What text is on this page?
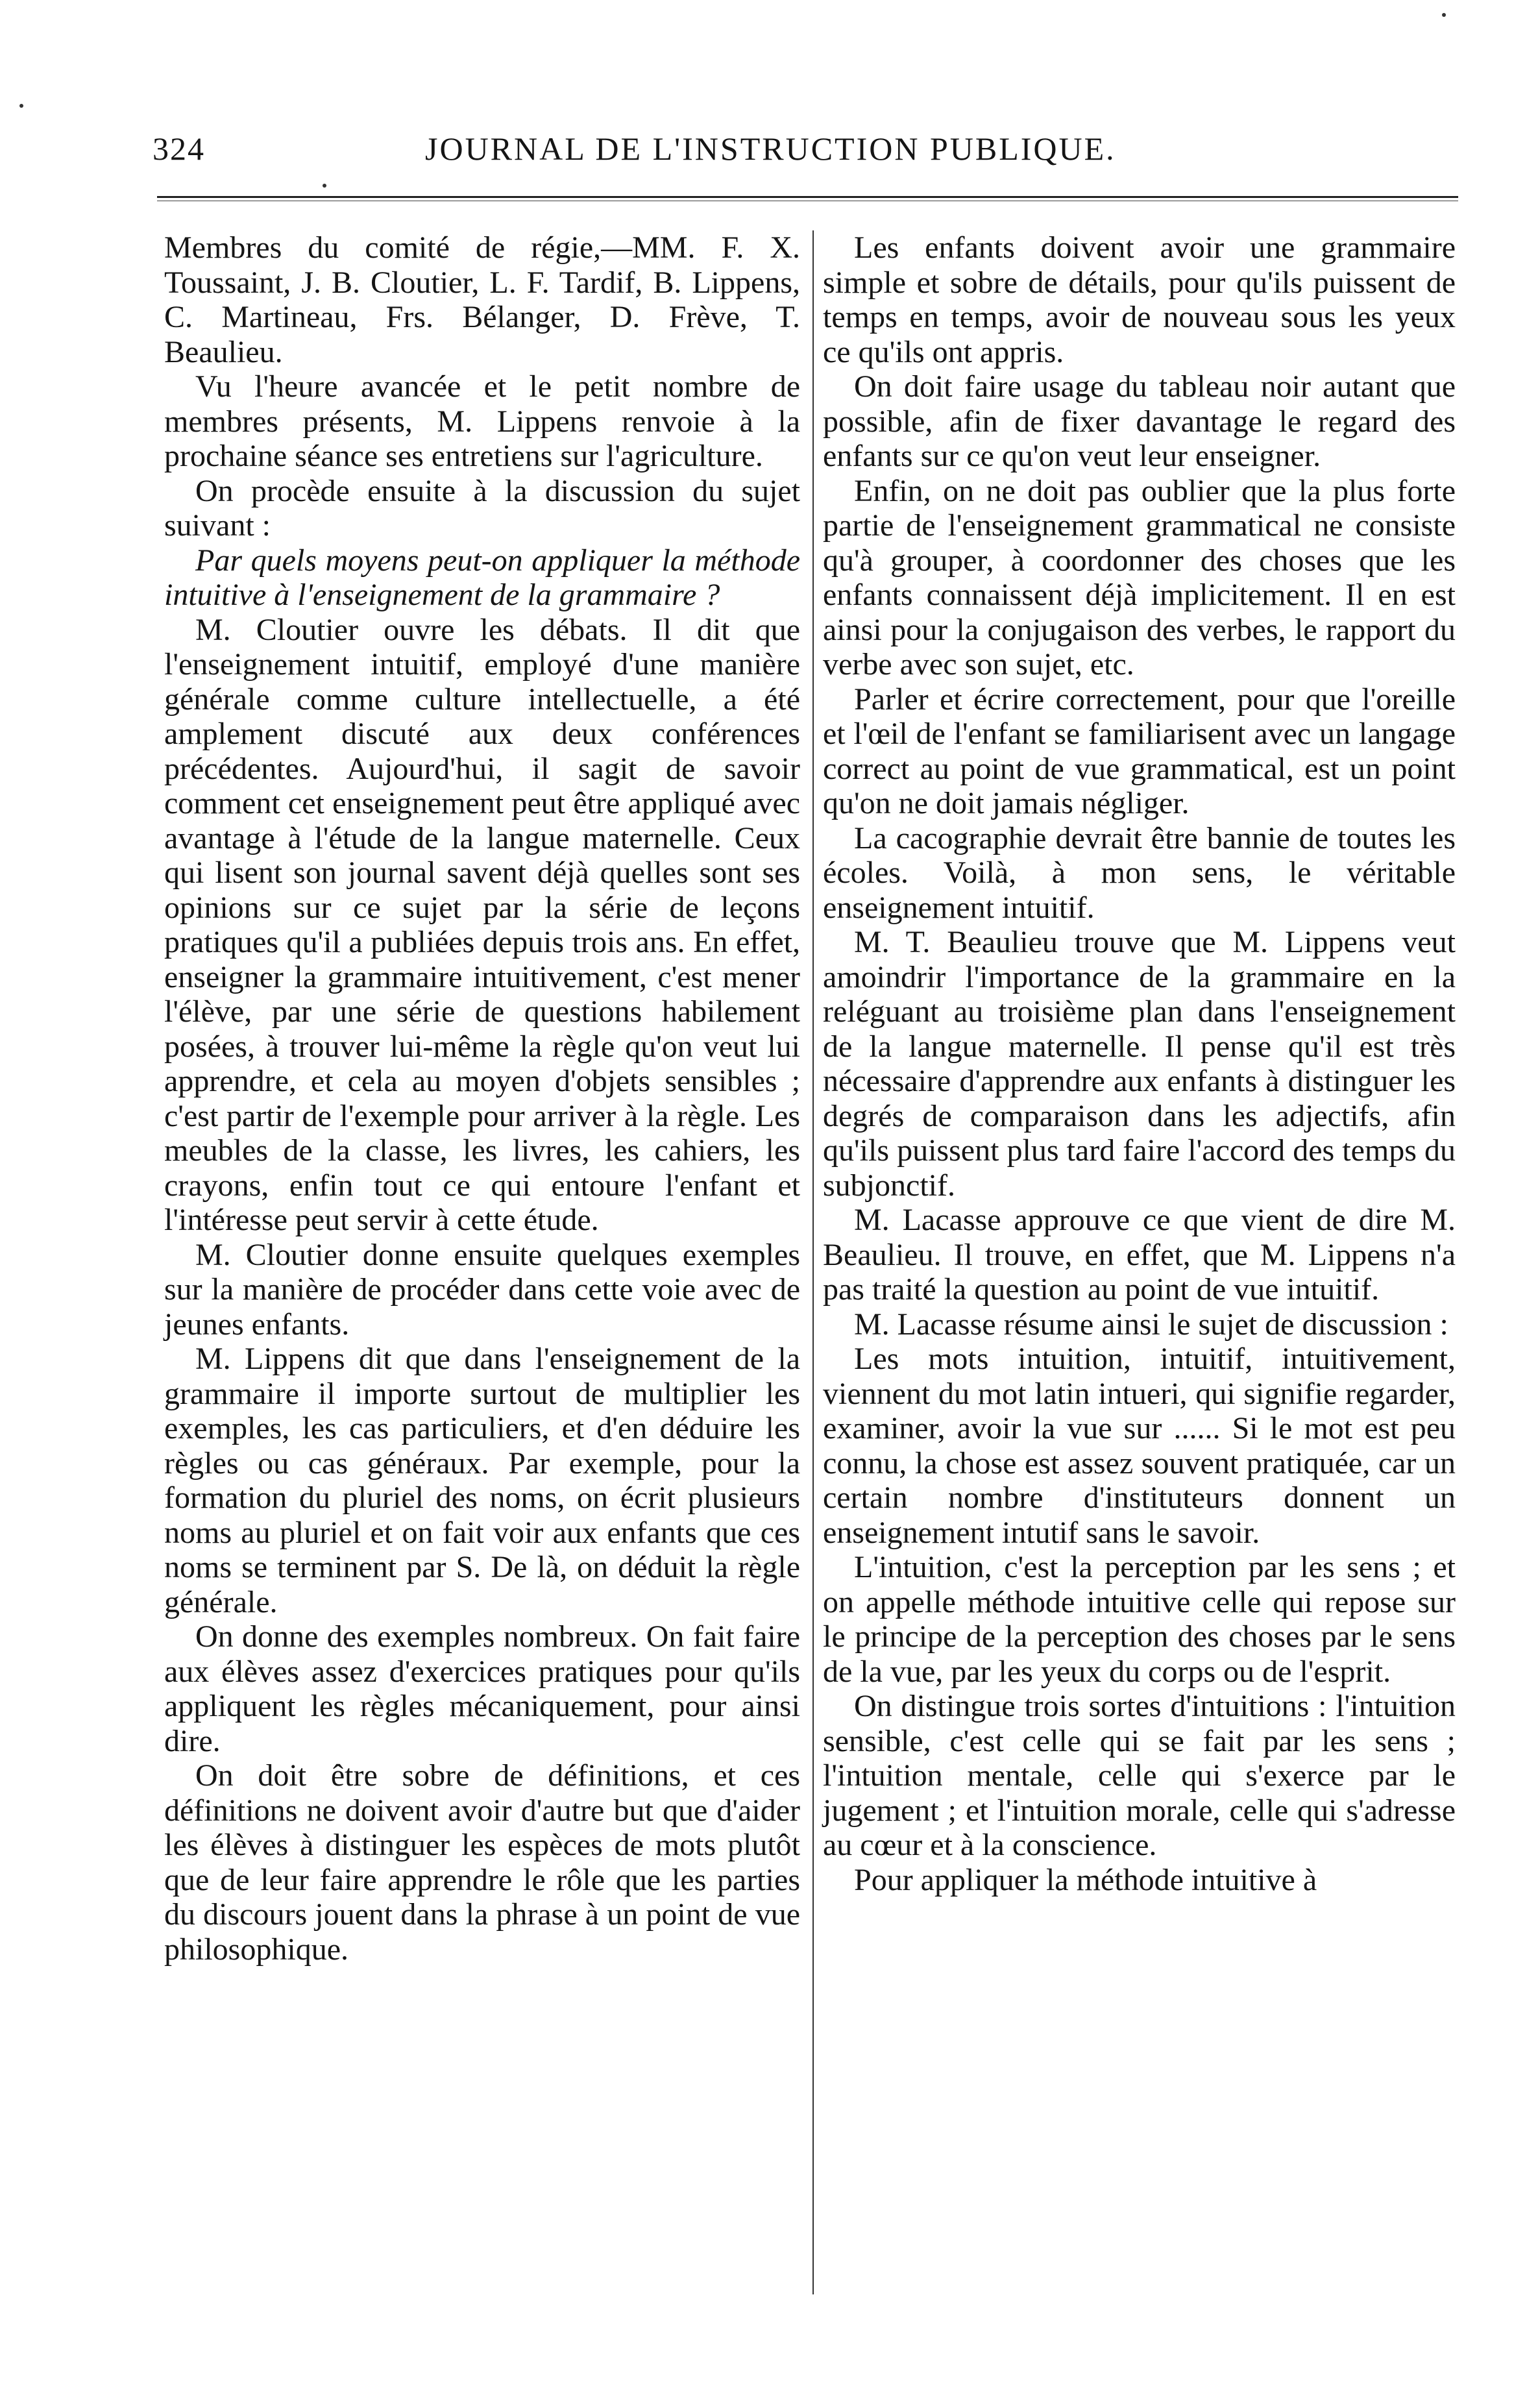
324	JOURNAL DE L'INSTRUCTION PUBLIQUE.

Membres du comité de régie,—MM. F. X. Toussaint, J. B. Cloutier, L. F. Tardif, B. Lippens, C. Martineau, Frs. Bélanger, D. Frève, T. Beaulieu.

Vu l'heure avancée et le petit nombre de membres présents, M. Lippens renvoie à la prochaine séance ses entretiens sur l'agriculture.

On procède ensuite à la discussion du sujet suivant :

Par quels moyens peut-on appliquer la méthode intuitive à l'enseignement de la grammaire ?

M. Cloutier ouvre les débats. Il dit que l'enseignement intuitif, employé d'une manière générale comme culture intellectuelle, a été amplement discuté aux deux conférences précédentes. Aujourd'hui, il sagit de savoir comment cet enseignement peut être appliqué avec avantage à l'étude de la langue maternelle. Ceux qui lisent son journal savent déjà quelles sont ses opinions sur ce sujet par la série de leçons pratiques qu'il a publiées depuis trois ans. En effet, enseigner la grammaire intuitivement, c'est mener l'élève, par une série de questions habilement posées, à trouver lui-même la règle qu'on veut lui apprendre, et cela au moyen d'objets sensibles ; c'est partir de l'exemple pour arriver à la règle. Les meubles de la classe, les livres, les cahiers, les crayons, enfin tout ce qui entoure l'enfant et l'intéresse peut servir à cette étude.

M. Cloutier donne ensuite quelques exemples sur la manière de procéder dans cette voie avec de jeunes enfants.

M. Lippens dit que dans l'enseignement de la grammaire il importe surtout de multiplier les exemples, les cas particuliers, et d'en déduire les règles ou cas généraux. Par exemple, pour la formation du pluriel des noms, on écrit plusieurs noms au pluriel et on fait voir aux enfants que ces noms se terminent par S. De là, on déduit la règle générale.

On donne des exemples nombreux. On fait faire aux élèves assez d'exercices pratiques pour qu'ils appliquent les règles mécaniquement, pour ainsi dire.

On doit être sobre de définitions, et ces définitions ne doivent avoir d'autre but que d'aider les élèves à distinguer les espèces de mots plutôt que de leur faire apprendre le rôle que les parties du discours jouent dans la phrase à un point de vue philosophique.

Les enfants doivent avoir une grammaire simple et sobre de détails, pour qu'ils puissent de temps en temps, avoir de nouveau sous les yeux ce qu'ils ont appris.

On doit faire usage du tableau noir autant que possible, afin de fixer davantage le regard des enfants sur ce qu'on veut leur enseigner.

Enfin, on ne doit pas oublier que la plus forte partie de l'enseignement grammatical ne consiste qu'à grouper, à coordonner des choses que les enfants connaissent déjà implicitement. Il en est ainsi pour la conjugaison des verbes, le rapport du verbe avec son sujet, etc.

Parler et écrire correctement, pour que l'oreille et l'œil de l'enfant se familiarisent avec un langage correct au point de vue grammatical, est un point qu'on ne doit jamais négliger.

La cacographie devrait être bannie de toutes les écoles. Voilà, à mon sens, le véritable enseignement intuitif.

M. T. Beaulieu trouve que M. Lippens veut amoindrir l'importance de la grammaire en la reléguant au troisième plan dans l'enseignement de la langue maternelle. Il pense qu'il est très nécessaire d'apprendre aux enfants à distinguer les degrés de comparaison dans les adjectifs, afin qu'ils puissent plus tard faire l'accord des temps du subjonctif.

M. Lacasse approuve ce que vient de dire M. Beaulieu. Il trouve, en effet, que M. Lippens n'a pas traité la question au point de vue intuitif.

M. Lacasse résume ainsi le sujet de discussion :

Les mots intuition, intuitif, intuitivement, viennent du mot latin intueri, qui signifie regarder, examiner, avoir la vue sur ...... Si le mot est peu connu, la chose est assez souvent pratiquée, car un certain nombre d'instituteurs donnent un enseignement intutif sans le savoir.

L'intuition, c'est la perception par les sens ; et on appelle méthode intuitive celle qui repose sur le principe de la perception des choses par le sens de la vue, par les yeux du corps ou de l'esprit.

On distingue trois sortes d'intuitions : l'intuition sensible, c'est celle qui se fait par les sens ; l'intuition mentale, celle qui s'exerce par le jugement ; et l'intuition morale, celle qui s'adresse au cœur et à la conscience.

Pour appliquer la méthode intuitive à
